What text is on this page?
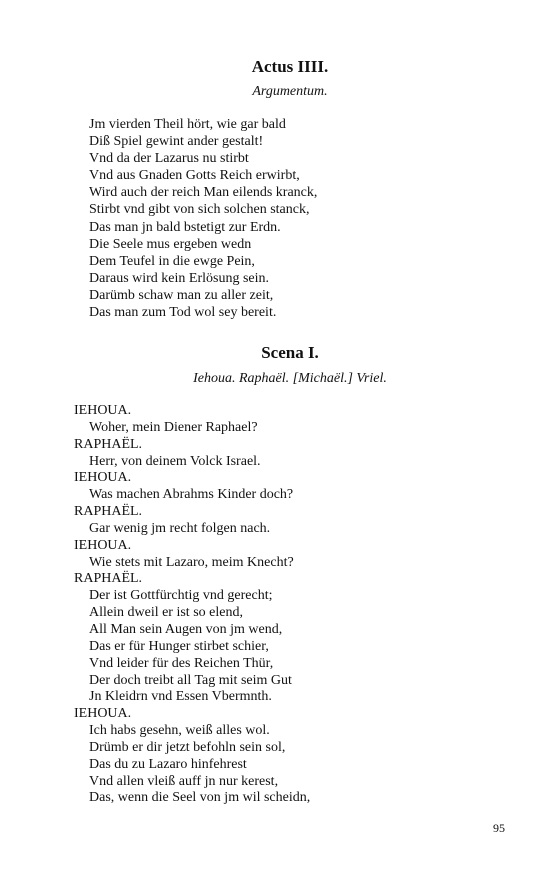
Actus IIII.
Argumentum.
Jm vierden Theil hört, wie gar bald
Diß Spiel gewint ander gestalt!
Vnd da der Lazarus nu stirbt
Vnd aus Gnaden Gotts Reich erwirbt,
Wird auch der reich Man eilends kranck,
Stirbt vnd gibt von sich solchen stanck,
Das man jn bald bstetigt zur Erdn.
Die Seele mus ergeben wedn
Dem Teufel in die ewge Pein,
Daraus wird kein Erlösung sein.
Darümb schaw man zu aller zeit,
Das man zum Tod wol sey bereit.
Scena I.
Iehoua. Raphaël. [Michaël.] Vriel.
IEHOUA.
Woher, mein Diener Raphael?
RAPHAËL.
Herr, von deinem Volck Israel.
IEHOUA.
Was machen Abrahms Kinder doch?
RAPHAËL.
Gar wenig jm recht folgen nach.
IEHOUA.
Wie stets mit Lazaro, meim Knecht?
RAPHAËL.
Der ist Gottfürchtig vnd gerecht;
Allein dweil er ist so elend,
All Man sein Augen von jm wend,
Das er für Hunger stirbet schier,
Vnd leider für des Reichen Thür,
Der doch treibt all Tag mit seim Gut
Jn Kleidrn vnd Essen Vbermnth.
IEHOUA.
Ich habs gesehn, weiß alles wol.
Drümb er dir jetzt befohln sein sol,
Das du zu Lazaro hinfehrest
Vnd allen vleiß auff jn nur kerest,
Das, wenn die Seel von jm wil scheidn,
95
